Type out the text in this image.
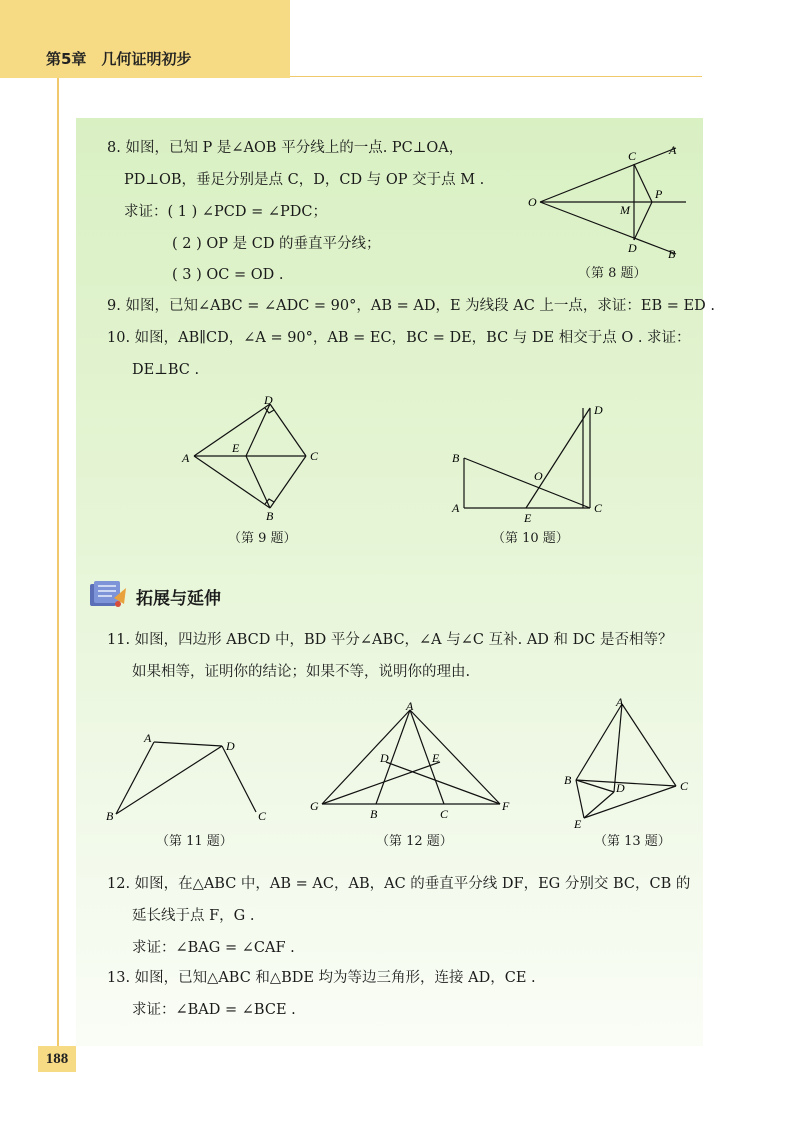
第5章　几何证明初步
8. 如图，已知 P 是∠AOB 平分线上的一点. PC⊥OA，
PD⊥OB，垂足分别是点 C，D，CD 与 OP 交于点 M .
求证：( 1 ) ∠PCD = ∠PDC；
( 2 ) OP 是 CD 的垂直平分线；
( 3 ) OC = OD .
O
C	A
P
M
D	B
（第 8 题）
9. 如图，已知∠ABC = ∠ADC = 90°，AB = AD，E 为线段 AC 上一点，求证：EB = ED .
10. 如图，AB∥CD，∠A = 90°，AB = EC，BC = DE，BC 与 DE 相交于点 O . 求证：
DE⊥BC .
D
A
E
C
B
（第 9 题）
D
B
O
A
E
C
（第 10 题）
拓展与延伸
11. 如图，四边形 ABCD 中，BD 平分∠ABC，∠A 与∠C 互补. AD 和 DC 是否相等？
如果相等，证明你的结论；如果不等，说明你的理由.
A
D
B	C
（第 11 题）
A
D	E
G
B	C
F
（第 12 题）
A
B
D	C
E
（第 13 题）
12. 如图，在△ABC 中，AB = AC，AB，AC 的垂直平分线 DF，EG 分别交 BC，CB 的
延长线于点 F，G .
求证：∠BAG = ∠CAF .
13. 如图，已知△ABC 和△BDE 均为等边三角形，连接 AD，CE .
求证：∠BAD = ∠BCE .
188
